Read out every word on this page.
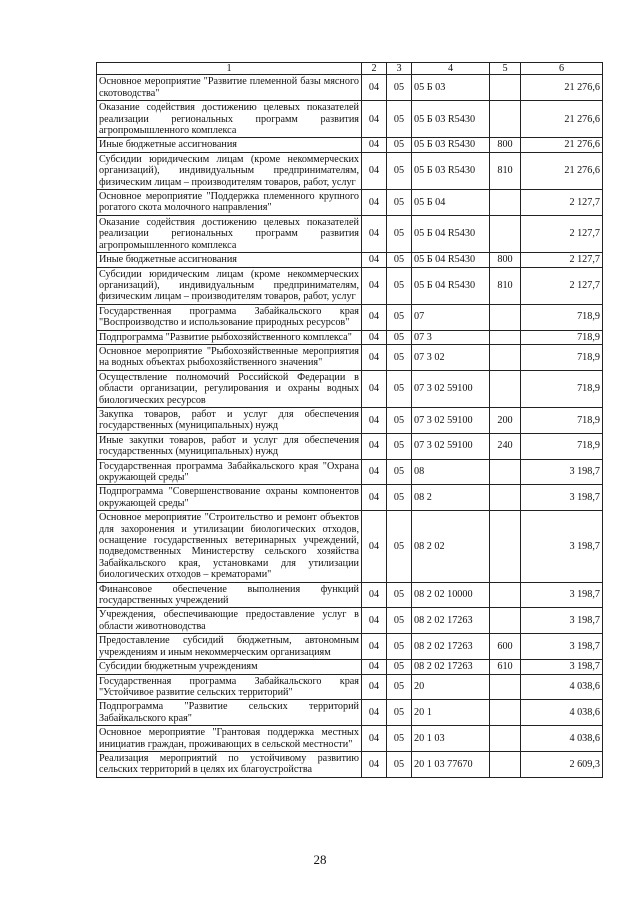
1	2	3	4	5	6
Основное мероприятие "Развитие племенной базы мясного скотоводства"	04	05	05 Б 03		21 276,6
Оказание содействия достижению целевых показателей реализации региональных программ развития агропромышленного комплекса	04	05	05 Б 03 R5430		21 276,6
Иные бюджетные ассигнования	04	05	05 Б 03 R5430	800	21 276,6
Субсидии юридическим лицам (кроме некоммерческих организаций), индивидуальным предпринимателям, физическим лицам – производителям товаров, работ, услуг	04	05	05 Б 03 R5430	810	21 276,6
Основное мероприятие "Поддержка племенного крупного рогатого скота молочного направления"	04	05	05 Б 04		2 127,7
Оказание содействия достижению целевых показателей реализации региональных программ развития агропромышленного комплекса	04	05	05 Б 04 R5430		2 127,7
Иные бюджетные ассигнования	04	05	05 Б 04 R5430	800	2 127,7
Субсидии юридическим лицам (кроме некоммерческих организаций), индивидуальным предпринимателям, физическим лицам – производителям товаров, работ, услуг	04	05	05 Б 04 R5430	810	2 127,7
Государственная программа Забайкальского края "Воспроизводство и использование природных ресурсов"	04	05	07		718,9
Подпрограмма "Развитие рыбохозяйственного комплекса"	04	05	07 3		718,9
Основное мероприятие "Рыбохозяйственные мероприятия на водных объектах рыбохозяйственного значения"	04	05	07 3 02		718,9
Осуществление полномочий Российской Федерации в области организации, регулирования и охраны водных биологических ресурсов	04	05	07 3 02 59100		718,9
Закупка товаров, работ и услуг для обеспечения государственных (муниципальных) нужд	04	05	07 3 02 59100	200	718,9
Иные закупки товаров, работ и услуг для обеспечения государственных (муниципальных) нужд	04	05	07 3 02 59100	240	718,9
Государственная программа Забайкальского края "Охрана окружающей среды"	04	05	08		3 198,7
Подпрограмма "Совершенствование охраны компонентов окружающей среды"	04	05	08 2		3 198,7
Основное мероприятие "Строительство и ремонт объектов для захоронения и утилизации биологических отходов, оснащение государственных ветеринарных учреждений, подведомственных Министерству сельского хозяйства Забайкальского края, установками для утилизации биологических отходов – крематорами"	04	05	08 2 02		3 198,7
Финансовое обеспечение выполнения функций государственных учреждений	04	05	08 2 02 10000		3 198,7
Учреждения, обеспечивающие предоставление услуг в области животноводства	04	05	08 2 02 17263		3 198,7
Предоставление субсидий бюджетным, автономным учреждениям и иным некоммерческим организациям	04	05	08 2 02 17263	600	3 198,7
Субсидии бюджетным учреждениям	04	05	08 2 02 17263	610	3 198,7
Государственная программа Забайкальского края "Устойчивое развитие сельских территорий"	04	05	20		4 038,6
Подпрограмма "Развитие сельских территорий Забайкальского края"	04	05	20 1		4 038,6
Основное мероприятие "Грантовая поддержка местных инициатив граждан, проживающих в сельской местности"	04	05	20 1 03		4 038,6
Реализация мероприятий по устойчивому развитию сельских территорий в целях их благоустройства	04	05	20 1 03 77670		2 609,3
28
